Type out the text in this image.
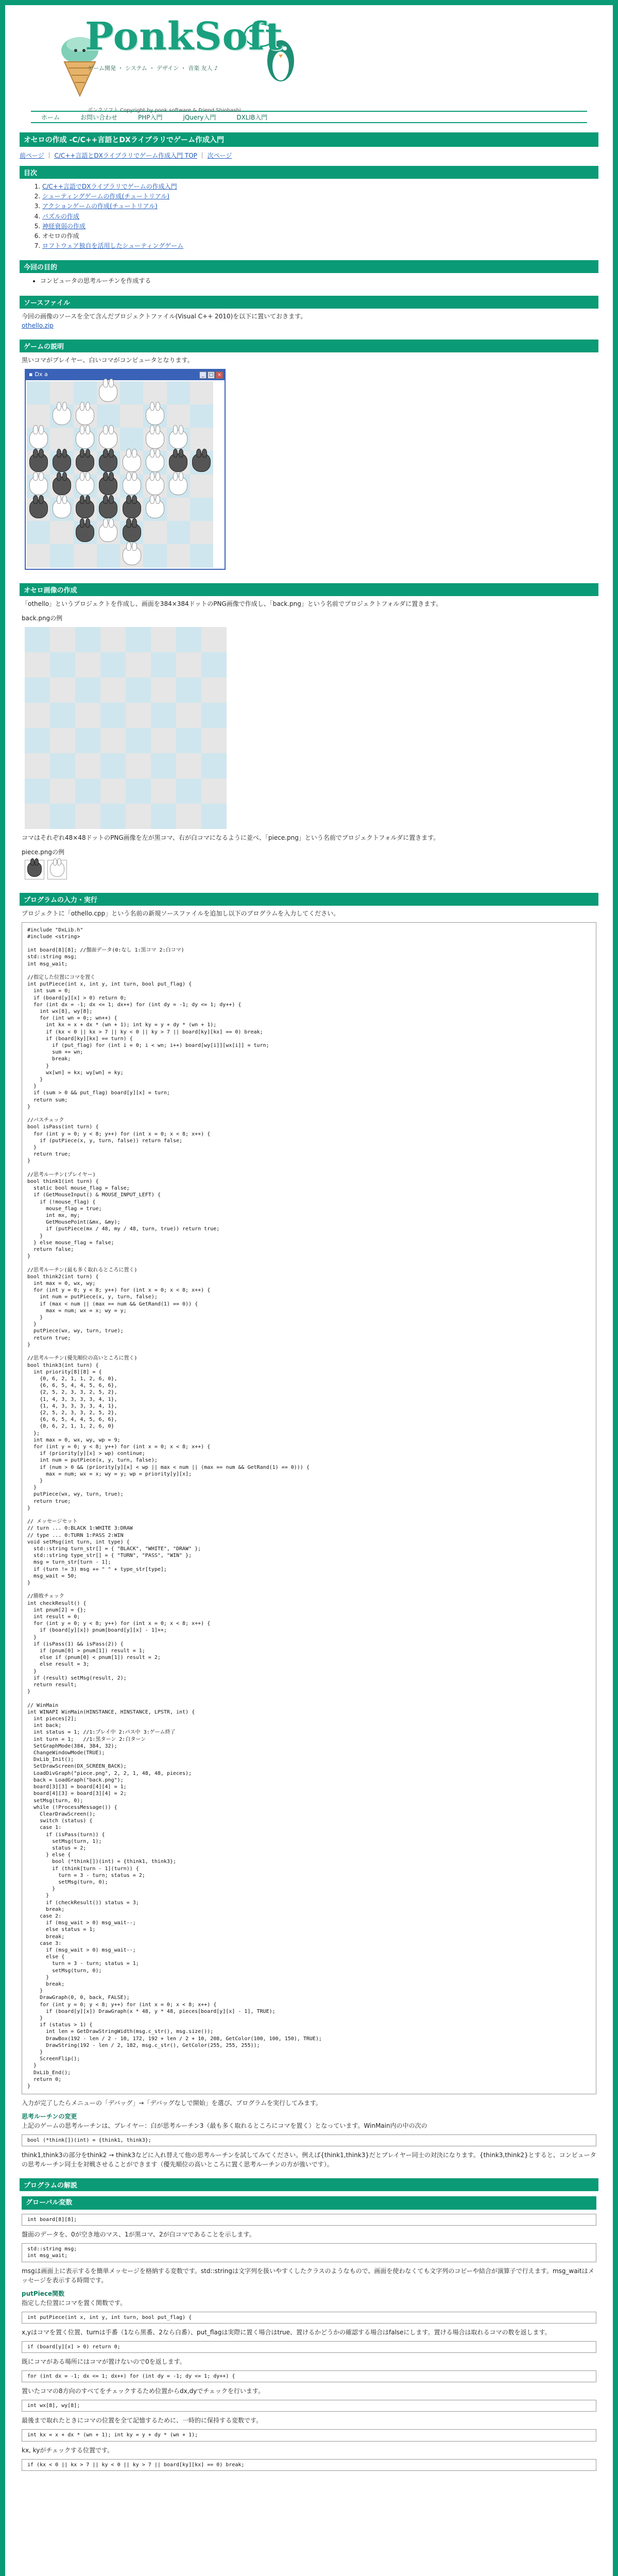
PonkSoft
ゲーム開発 ・ システム ・ デザイン ・ 音楽 友人 ♪
ポンクソフト Copyright by ponk software & Friend Shiobashi
ホーム	お問い合わせ	PHP入門	jQuery入門	DXLIB入門
オセロの作成 -C/C++言語とDXライブラリでゲーム作成入門
前ページ ｜ C/C++言語とDXライブラリでゲーム作成入門 TOP ｜ 次ページ
目次
1. C/C++言語でDXライブラリでゲームの作成入門
2. シューティングゲームの作成(チュートリアル)
3. アクションゲームの作成(チュートリアル)
4. パズルの作成
5. 神経衰弱の作成
6. オセロの作成
7. ロフトウェア独自を活用したシューティングゲーム
今回の目的
• コンピュータの思考ルーチンを作成する
ソースファイル
今回の画像のソースを全て含んだプロジェクトファイル(Visual C++ 2010)を以下に置いておきます。
othello.zip
ゲームの説明
黒いコマがプレイヤー、白いコマがコンピュータとなります。
▪ Dx a	_	□ ×
オセロ画像の作成
「othello」というプロジェクトを作成し、画面を384×384ドットのPNG画像で作成し、「back.png」という名前でプロジェクトフォルダに置きます。
back.pngの例
コマはそれぞれ48×48ドットのPNG画像を左が黒コマ、右が白コマになるように並べ、「piece.png」という名前でプロジェクトフォルダに置きます。
piece.pngの例
プログラムの入力・実行
プロジェクトに「othello.cpp」という名前の新規ソースファイルを追加し以下のプログラムを入力してください。
#include "DxLib.h"
#include <string>

int board[8][8]; //盤面データ(0:なし 1:黒コマ 2:白コマ)
std::string msg;
int msg_wait;

//指定した位置にコマを置く
int putPiece(int x, int y, int turn, bool put_flag) {
int sum = 0;
if (board[y][x] > 0) return 0;
for (int dx = -1; dx <= 1; dx++) for (int dy = -1; dy <= 1; dy++) {
int wx[8], wy[8];
for (int wn = 0;; wn++) {
int kx = x + dx * (wn + 1); int ky = y + dy * (wn + 1);
if (kx < 0 || kx > 7 || ky < 0 || ky > 7 || board[ky][kx] == 0) break;
if (board[ky][kx] == turn) {
if (put_flag) for (int i = 0; i < wn; i++) board[wy[i]][wx[i]] = turn;
sum += wn;
break;
}
wx[wn] = kx; wy[wn] = ky;
}
}
if (sum > 0 && put_flag) board[y][x] = turn;
return sum;
}

//パスチェック
bool isPass(int turn) {
for (int y = 0; y < 8; y++) for (int x = 0; x < 8; x++) {
if (putPiece(x, y, turn, false)) return false;
}
return true;
}

//思考ルーチン(プレイヤー)
bool think1(int turn) {
static bool mouse_flag = false;
if (GetMouseInput() & MOUSE_INPUT_LEFT) {
if (!mouse_flag) {
mouse_flag = true;
int mx, my;
GetMousePoint(&mx, &my);
if (putPiece(mx / 48, my / 48, turn, true)) return true;
}
} else mouse_flag = false;
return false;
}

//思考ルーチン(最も多く取れるところに置く)
bool think2(int turn) {
int max = 0, wx, wy;
for (int y = 0; y < 8; y++) for (int x = 0; x < 8; x++) {
int num = putPiece(x, y, turn, false);
if (max < num || (max == num && GetRand(1) == 0)) {
max = num; wx = x; wy = y;
}
}
putPiece(wx, wy, turn, true);
return true;
}

//思考ルーチン(優先順位の高いところに置く)
bool think3(int turn) {
int priority[8][8] = {
{0, 6, 2, 1, 1, 2, 6, 0},
{6, 6, 5, 4, 4, 5, 6, 6},
{2, 5, 2, 3, 3, 2, 5, 2},
{1, 4, 3, 3, 3, 3, 4, 1},
{1, 4, 3, 3, 3, 3, 4, 1},
{2, 5, 2, 3, 3, 2, 5, 2},
{6, 6, 5, 4, 4, 5, 6, 6},
{0, 6, 2, 1, 1, 2, 6, 0}
};
int max = 0, wx, wy, wp = 9;
for (int y = 0; y < 8; y++) for (int x = 0; x < 8; x++) {
if (priority[y][x] > wp) continue;
int num = putPiece(x, y, turn, false);
if (num > 0 && (priority[y][x] < wp || max < num || (max == num && GetRand(1) == 0))) {
max = num; wx = x; wy = y; wp = priority[y][x];
}
}
putPiece(wx, wy, turn, true);
return true;
}

// メッセージセット
// turn ... 0:BLACK 1:WHITE 3:DRAW
// type ... 0:TURN 1:PASS 2:WIN
void setMsg(int turn, int type) {
std::string turn_str[] = { "BLACK", "WHITE", "DRAW" };
std::string type_str[] = { "TURN", "PASS", "WIN" };
msg = turn_str[turn - 1];
if (turn != 3) msg += " " + type_str[type];
msg_wait = 50;
}

//勝敗チェック
int checkResult() {
int pnum[2] = {};
int result = 0;
for (int y = 0; y < 8; y++) for (int x = 0; x < 8; x++) {
if (board[y][x]) pnum[board[y][x] - 1]++;
}
if (isPass(1) && isPass(2)) {
if (pnum[0] > pnum[1]) result = 1;
else if (pnum[0] < pnum[1]) result = 2;
else result = 3;
}
if (result) setMsg(result, 2);
return result;
}

// WinMain
int WINAPI WinMain(HINSTANCE, HINSTANCE, LPSTR, int) {
int pieces[2];
int back;
int status = 1; //1:プレイ中 2:パス中 3:ゲーム終了
int turn = 1;   //1:黒ターン 2:白ターン
SetGraphMode(384, 384, 32);
ChangeWindowMode(TRUE);
DxLib_Init();
SetDrawScreen(DX_SCREEN_BACK);
LoadDivGraph("piece.png", 2, 2, 1, 48, 48, pieces);
back = LoadGraph("back.png");
board[3][3] = board[4][4] = 1;
board[4][3] = board[3][4] = 2;
setMsg(turn, 0);
while (!ProcessMessage()) {
ClearDrawScreen();
switch (status) {
case 1:
if (isPass(turn)) {
setMsg(turn, 1);
status = 2;
} else {
bool (*think[])(int) = {think1, think3};
if (think[turn - 1](turn)) {
turn = 3 - turn; status = 2;
setMsg(turn, 0);
}
}
if (checkResult()) status = 3;
break;
case 2:
if (msg_wait > 0) msg_wait--;
else status = 1;
break;
case 3:
if (msg_wait > 0) msg_wait--;
else {
turn = 3 - turn; status = 1;
setMsg(turn, 0);
}
break;
}
DrawGraph(0, 0, back, FALSE);
for (int y = 0; y < 8; y++) for (int x = 0; x < 8; x++) {
if (board[y][x]) DrawGraph(x * 48, y * 48, pieces[board[y][x] - 1], TRUE);
}
if (status > 1) {
int len = GetDrawStringWidth(msg.c_str(), msg.size());
DrawBox(192 - len / 2 - 10, 172, 192 + len / 2 + 10, 208, GetColor(100, 100, 150), TRUE);
DrawString(192 - len / 2, 182, msg.c_str(), GetColor(255, 255, 255));
}
ScreenFlip();
}
DxLib_End();
return 0;
}
入力が完了したらメニューの「デバッグ」→「デバッグなしで開始」を選び、プログラムを実行してみます。
思考ルーチンの変更
上記のゲームの思考ルーチンは、プレイヤー：白が思考ルーチン3（最も多く取れるところにコマを置く）となっています。WinMain内の中の次の
bool (*think[])(int) = {think1, think3};
think1,think3の部分をthink2 → think3などに入れ替えて他の思考ルーチンを試してみてください。例えば{think1,think3}だとプレイヤー同士の対決になります。{think3,think2}とすると、コンピュータの思考ルーチン同士を対戦させることができます（優先順位の高いところに置く思考ルーチンの方が強いです）。
プログラムの解説
グローバル変数
int board[8][8];
盤面のデータを、0が空き地のマス、1が黒コマ、2が白コマであることを示します。
std::string msg;
int msg_wait;
msgは画面上に表示するを簡単メッセージを格納する変数です。std::stringは文字列を扱いやすくしたクラスのようなもので、画面を使わなくても文字列のコピーや結合が演算子で行えます。msg_waitはメッセージを表示する時間です。
putPiece関数
指定した位置にコマを置く関数です。
int putPiece(int x, int y, int turn, bool put_flag) {
x,yはコマを置く位置、turnは手番（1なら黒番、2なら白番）、put_flagは実際に置く場合はtrue、置けるかどうかの確認する場合はfalseにします。置ける場合は取れるコマの数を返します。
if (board[y][x] > 0) return 0;
既にコマがある場所にはコマが置けないので0を返します。
for (int dx = -1; dx <= 1; dx++) for (int dy = -1; dy <= 1; dy++) {
置いたコマの8方向のすべてをチェックするため位置からdx,dyでチェックを行います。
int wx[8], wy[8];
最後まで取れたときにコマの位置を全て記憶するために、一時的に保持する変数です。
int kx = x + dx * (wn + 1); int ky = y + dy * (wn + 1);
kx, kyがチェックする位置です。
if (kx < 0 || kx > 7 || ky < 0 || ky > 7 || board[ky][kx] == 0) break;
